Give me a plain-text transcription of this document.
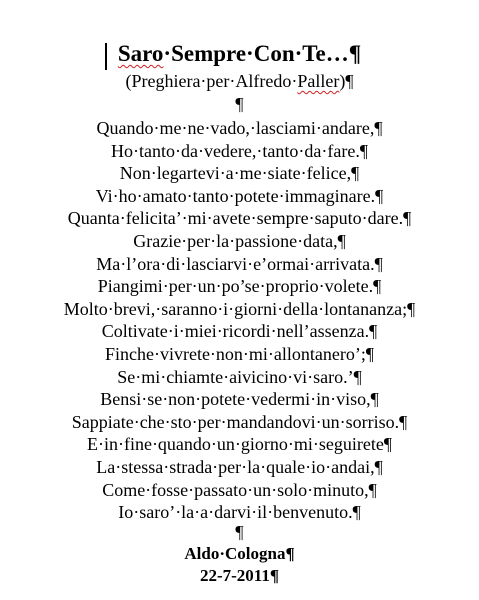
Saro·Sempre·Con·Te…¶
(Preghiera·per·Alfredo·Paller)¶
¶
Quando·me·ne·vado,·lasciami·andare,¶
Ho·tanto·da·vedere,·tanto·da·fare.¶
Non·legartevi·a·me·siate·felice,¶
Vi·ho·amato·tanto·potete·immaginare.¶
Quanta·felicita’·mi·avete·sempre·saputo·dare.¶
Grazie·per·la·passione·data,¶
Ma·l’ora·di·lasciarvi·e’ormai·arrivata.¶
Piangimi·per·un·po’se·proprio·volete.¶
Molto·brevi,·saranno·i·giorni·della·lontananza;¶
Coltivate·i·miei·ricordi·nell’assenza.¶
Finche·vivrete·non·mi·allontanero’;¶
Se·mi·chiamte·aivicino·vi·saro.’¶
Bensi·se·non·potete·vedermi·in·viso,¶
Sappiate·che·sto·per·mandandovi·un·sorriso.¶
E·in·fine·quando·un·giorno·mi·seguirete¶
La·stessa·strada·per·la·quale·io·andai,¶
Come·fosse·passato·un·solo·minuto,¶
Io·saro’·la·a·darvi·il·benvenuto.¶
¶
Aldo·Cologna¶
22-7-2011¶
